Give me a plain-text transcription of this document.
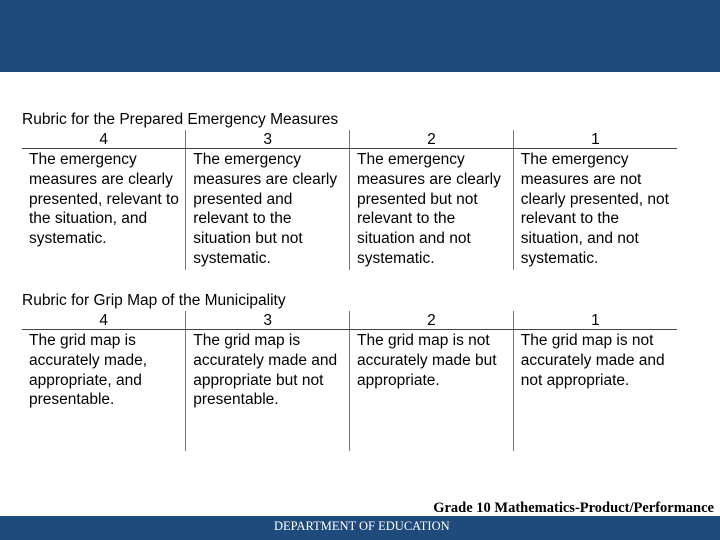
Rubric for the Prepared Emergency Measures
4	3	2	1
The emergency measures are clearly presented, relevant to the situation, and systematic.	The emergency measures are clearly presented and relevant to the situation but not systematic.	The emergency measures are clearly presented but not relevant to the situation and not systematic.	The emergency measures are not clearly presented, not relevant to the situation, and not systematic.
Rubric for Grip Map of the Municipality
4	3	2	1
The grid map is accurately made, appropriate, and presentable.	The grid map is accurately made and appropriate but not presentable.	The grid map is not accurately made but appropriate.	The grid map is not accurately made and not appropriate.
Grade 10 Mathematics-Product/Performance
DEPARTMENT OF EDUCATION
